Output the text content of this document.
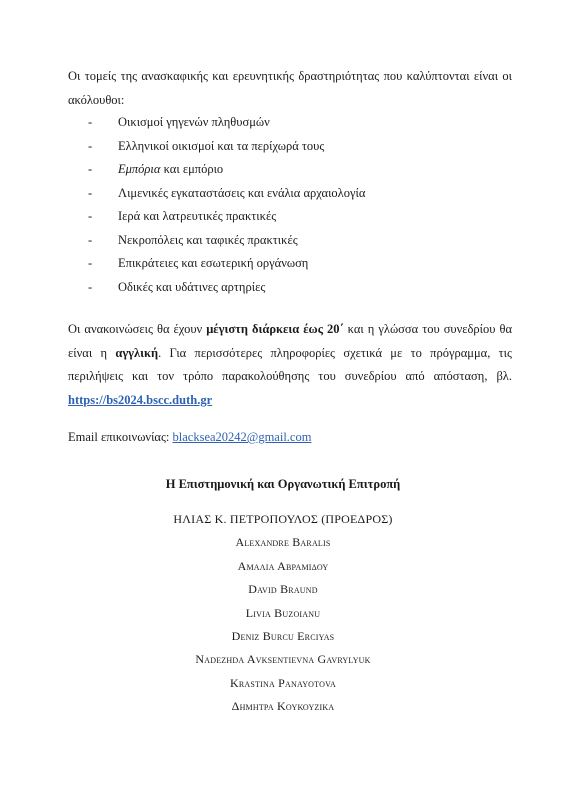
Οι τομείς της ανασκαφικής και ερευνητικής δραστηριότητας που καλύπτονται είναι οι ακόλουθοι:

- Οικισμοί γηγενών πληθυσμών
- Ελληνικοί οικισμοί και τα περίχωρά τους
- Εμπόρια και εμπόριο
- Λιμενικές εγκαταστάσεις και ενάλια αρχαιολογία
- Ιερά και λατρευτικές πρακτικές
- Νεκροπόλεις και ταφικές πρακτικές
- Επικράτειες και εσωτερική οργάνωση
- Οδικές και υδάτινες αρτηρίες

Οι ανακοινώσεις θα έχουν μέγιστη διάρκεια έως 20΄ και η γλώσσα του συνεδρίου θα είναι η αγγλική. Για περισσότερες πληροφορίες σχετικά με το πρόγραμμα, τις περιλήψεις και τον τρόπο παρακολούθησης του συνεδρίου από απόσταση, βλ. https://bs2024.bscc.duth.gr

Email επικοινωνίας: blacksea20242@gmail.com
Η Επιστημονική και Οργανωτική Επιτροπή
ΗΛΙΑΣ Κ. ΠΕΤΡΟΠΟΥΛΟΣ (ΠΡΟΕΔΡΟΣ)
Alexandre Baralis
Αμαλια Αβραμιδου
David Braund
Livia Buzoianu
Deniz Burcu Erciyas
Nadezhda Avksentievna Gavrylyuk
Krastina Panayotova
Δημητρα Κουκουζικα
